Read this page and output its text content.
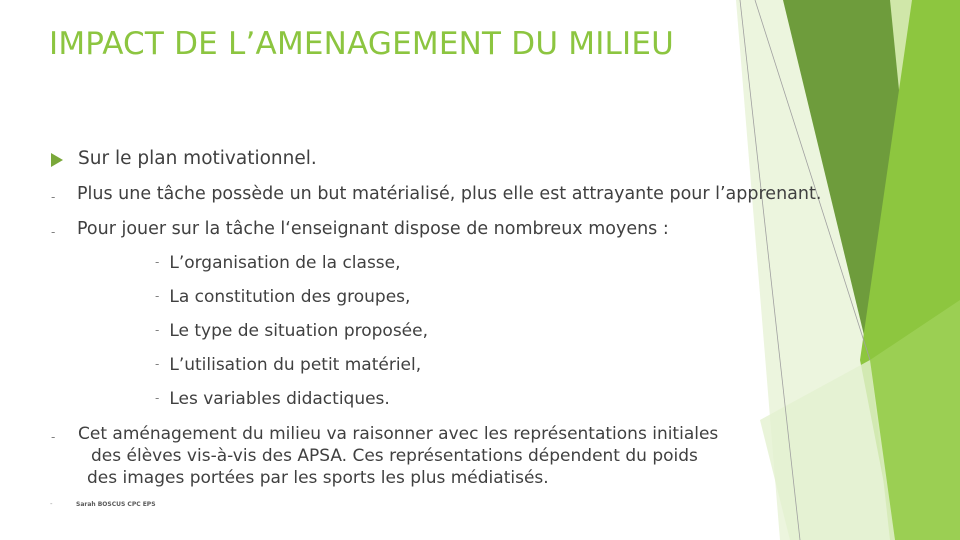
IMPACT DE L’AMENAGEMENT DU MILIEU
Sur le plan motivationnel.
- Plus une tâche possède un but matérialisé, plus elle est attrayante pour l’apprenant.
- Pour jouer sur la tâche l‘enseignant dispose de nombreux moyens :
- L’organisation de la classe,
- La constitution des groupes,
- Le type de situation proposée,
- L’utilisation du petit matériel,
- Les variables didactiques.
- Cet aménagement du milieu va raisonner avec les représentations initiales
des élèves vis-à-vis des APSA. Ces représentations dépendent du poids
des images portées par les sports les plus médiatisés.
-	Sarah BOSCUS CPC EPS
